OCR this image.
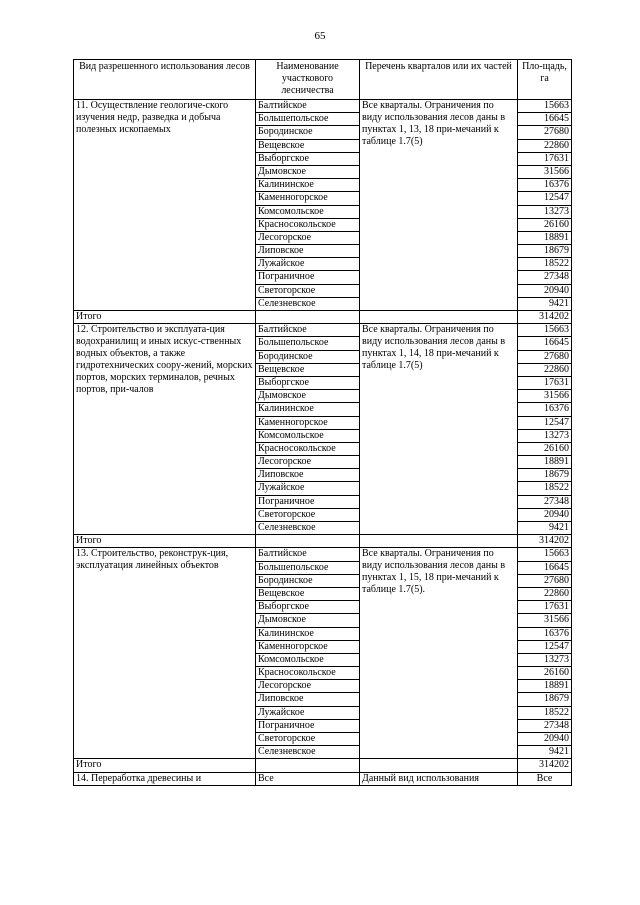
65
Вид разрешенного использования лесов	Наименование участкового лесничества	Перечень кварталов или их частей	Пло-щадь, га
11. Осуществление геологиче-ского изучения недр, разведка и добыча полезных ископаемых	Балтийское	Все кварталы. Ограничения по виду использования лесов даны в пунктах 1, 13, 18 при-мечаний к таблице 1.7(5)	15663
	Большепольское		16645
	Бородинское		27680
	Вещевское		22860
	Выборгское		17631
	Дымовское		31566
	Калининское		16376
	Каменногорское		12547
	Комсомольское		13273
	Красносокольское		26160
	Лесогорское		18891
	Липовское		18679
	Лужайское		18522
	Пограничное		27348
	Светогорское		20940
	Селезневское		9421
Итого			314202
12. Строительство и эксплуата-ция водохранилищ и иных искус-ственных водных объектов, а также гидротехнических соору-жений, морских портов, морских терминалов, речных портов, при-чалов	Балтийское	Все кварталы. Ограничения по виду использования лесов даны в пунктах 1, 14, 18 при-мечаний к таблице 1.7(5)	15663
	Большепольское		16645
	Бородинское		27680
	Вещевское		22860
	Выборгское		17631
	Дымовское		31566
	Калининское		16376
	Каменногорское		12547
	Комсомольское		13273
	Красносокольское		26160
	Лесогорское		18891
	Липовское		18679
	Лужайское		18522
	Пограничное		27348
	Светогорское		20940
	Селезневское		9421
Итого			314202
13. Строительство, реконструк-ция, эксплуатация линейных объектов	Балтийское	Все кварталы. Ограничения по виду использования лесов даны в пунктах 1, 15, 18 при-мечаний к таблице 1.7(5).	15663
	Большепольское		16645
	Бородинское		27680
	Вещевское		22860
	Выборгское		17631
	Дымовское		31566
	Калининское		16376
	Каменногорское		12547
	Комсомольское		13273
	Красносокольское		26160
	Лесогорское		18891
	Липовское		18679
	Лужайское		18522
	Пограничное		27348
	Светогорское		20940
	Селезневское		9421
Итого			314202
14. Переработка древесины и	Все	Данный вид использования	Все
